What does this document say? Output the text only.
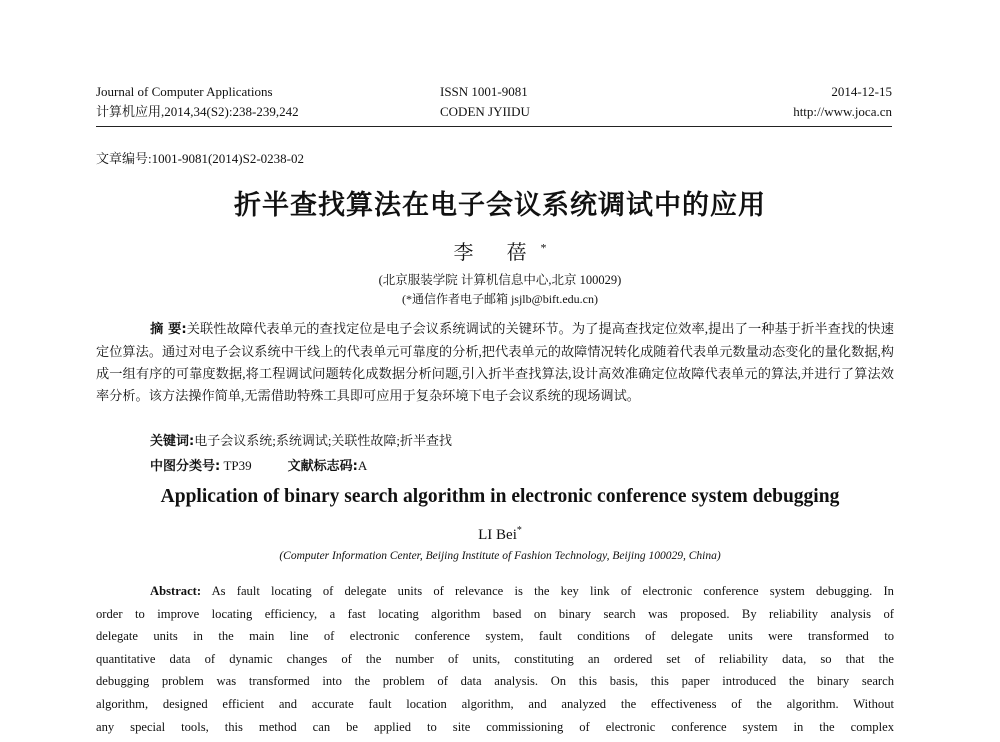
Journal of Computer Applications
计算机应用,2014,34(S2):238-239,242
ISSN 1001-9081
CODEN JYIIDU
2014-12-15
http://www.joca.cn
文章编号:1001-9081(2014)S2-0238-02
折半查找算法在电子会议系统调试中的应用
李 蓓*
(北京服装学院 计算机信息中心,北京 100029)
(*通信作者电子邮箱 jsjlb@bift.edu.cn)
摘 要:关联性故障代表单元的查找定位是电子会议系统调试的关键环节。为了提高查找定位效率,提出了一种基于折半查找的快速定位算法。通过对电子会议系统中干线上的代表单元可靠度的分析,把代表单元的故障情况转化成随着代表单元数量动态变化的量化数据,构成一组有序的可靠度数据,将工程调试问题转化成数据分析问题,引入折半查找算法,设计高效准确定位故障代表单元的算法,并进行了算法效率分析。该方法操作简单,无需借助特殊工具即可应用于复杂环境下电子会议系统的现场调试。
关键词:电子会议系统;系统调试;关联性故障;折半查找
中图分类号: TP39	文献标志码:A
Application of binary search algorithm in electronic conference system debugging
LI Bei*
(Computer Information Center, Beijing Institute of Fashion Technology, Beijing 100029, China)
Abstract: As fault locating of delegate units of relevance is the key link of electronic conference system debugging. In
order to improve locating efficiency, a fast locating algorithm based on binary search was proposed. By reliability analysis of
delegate units in the main line of electronic conference system, fault conditions of delegate units were transformed to
quantitative data of dynamic changes of the number of units, constituting an ordered set of reliability data, so that the
debugging problem was transformed into the problem of data analysis. On this basis, this paper introduced the binary search
algorithm, designed efficient and accurate fault location algorithm, and analyzed the effectiveness of the algorithm. Without
any special tools, this method can be applied to site commissioning of electronic conference system in the complex
